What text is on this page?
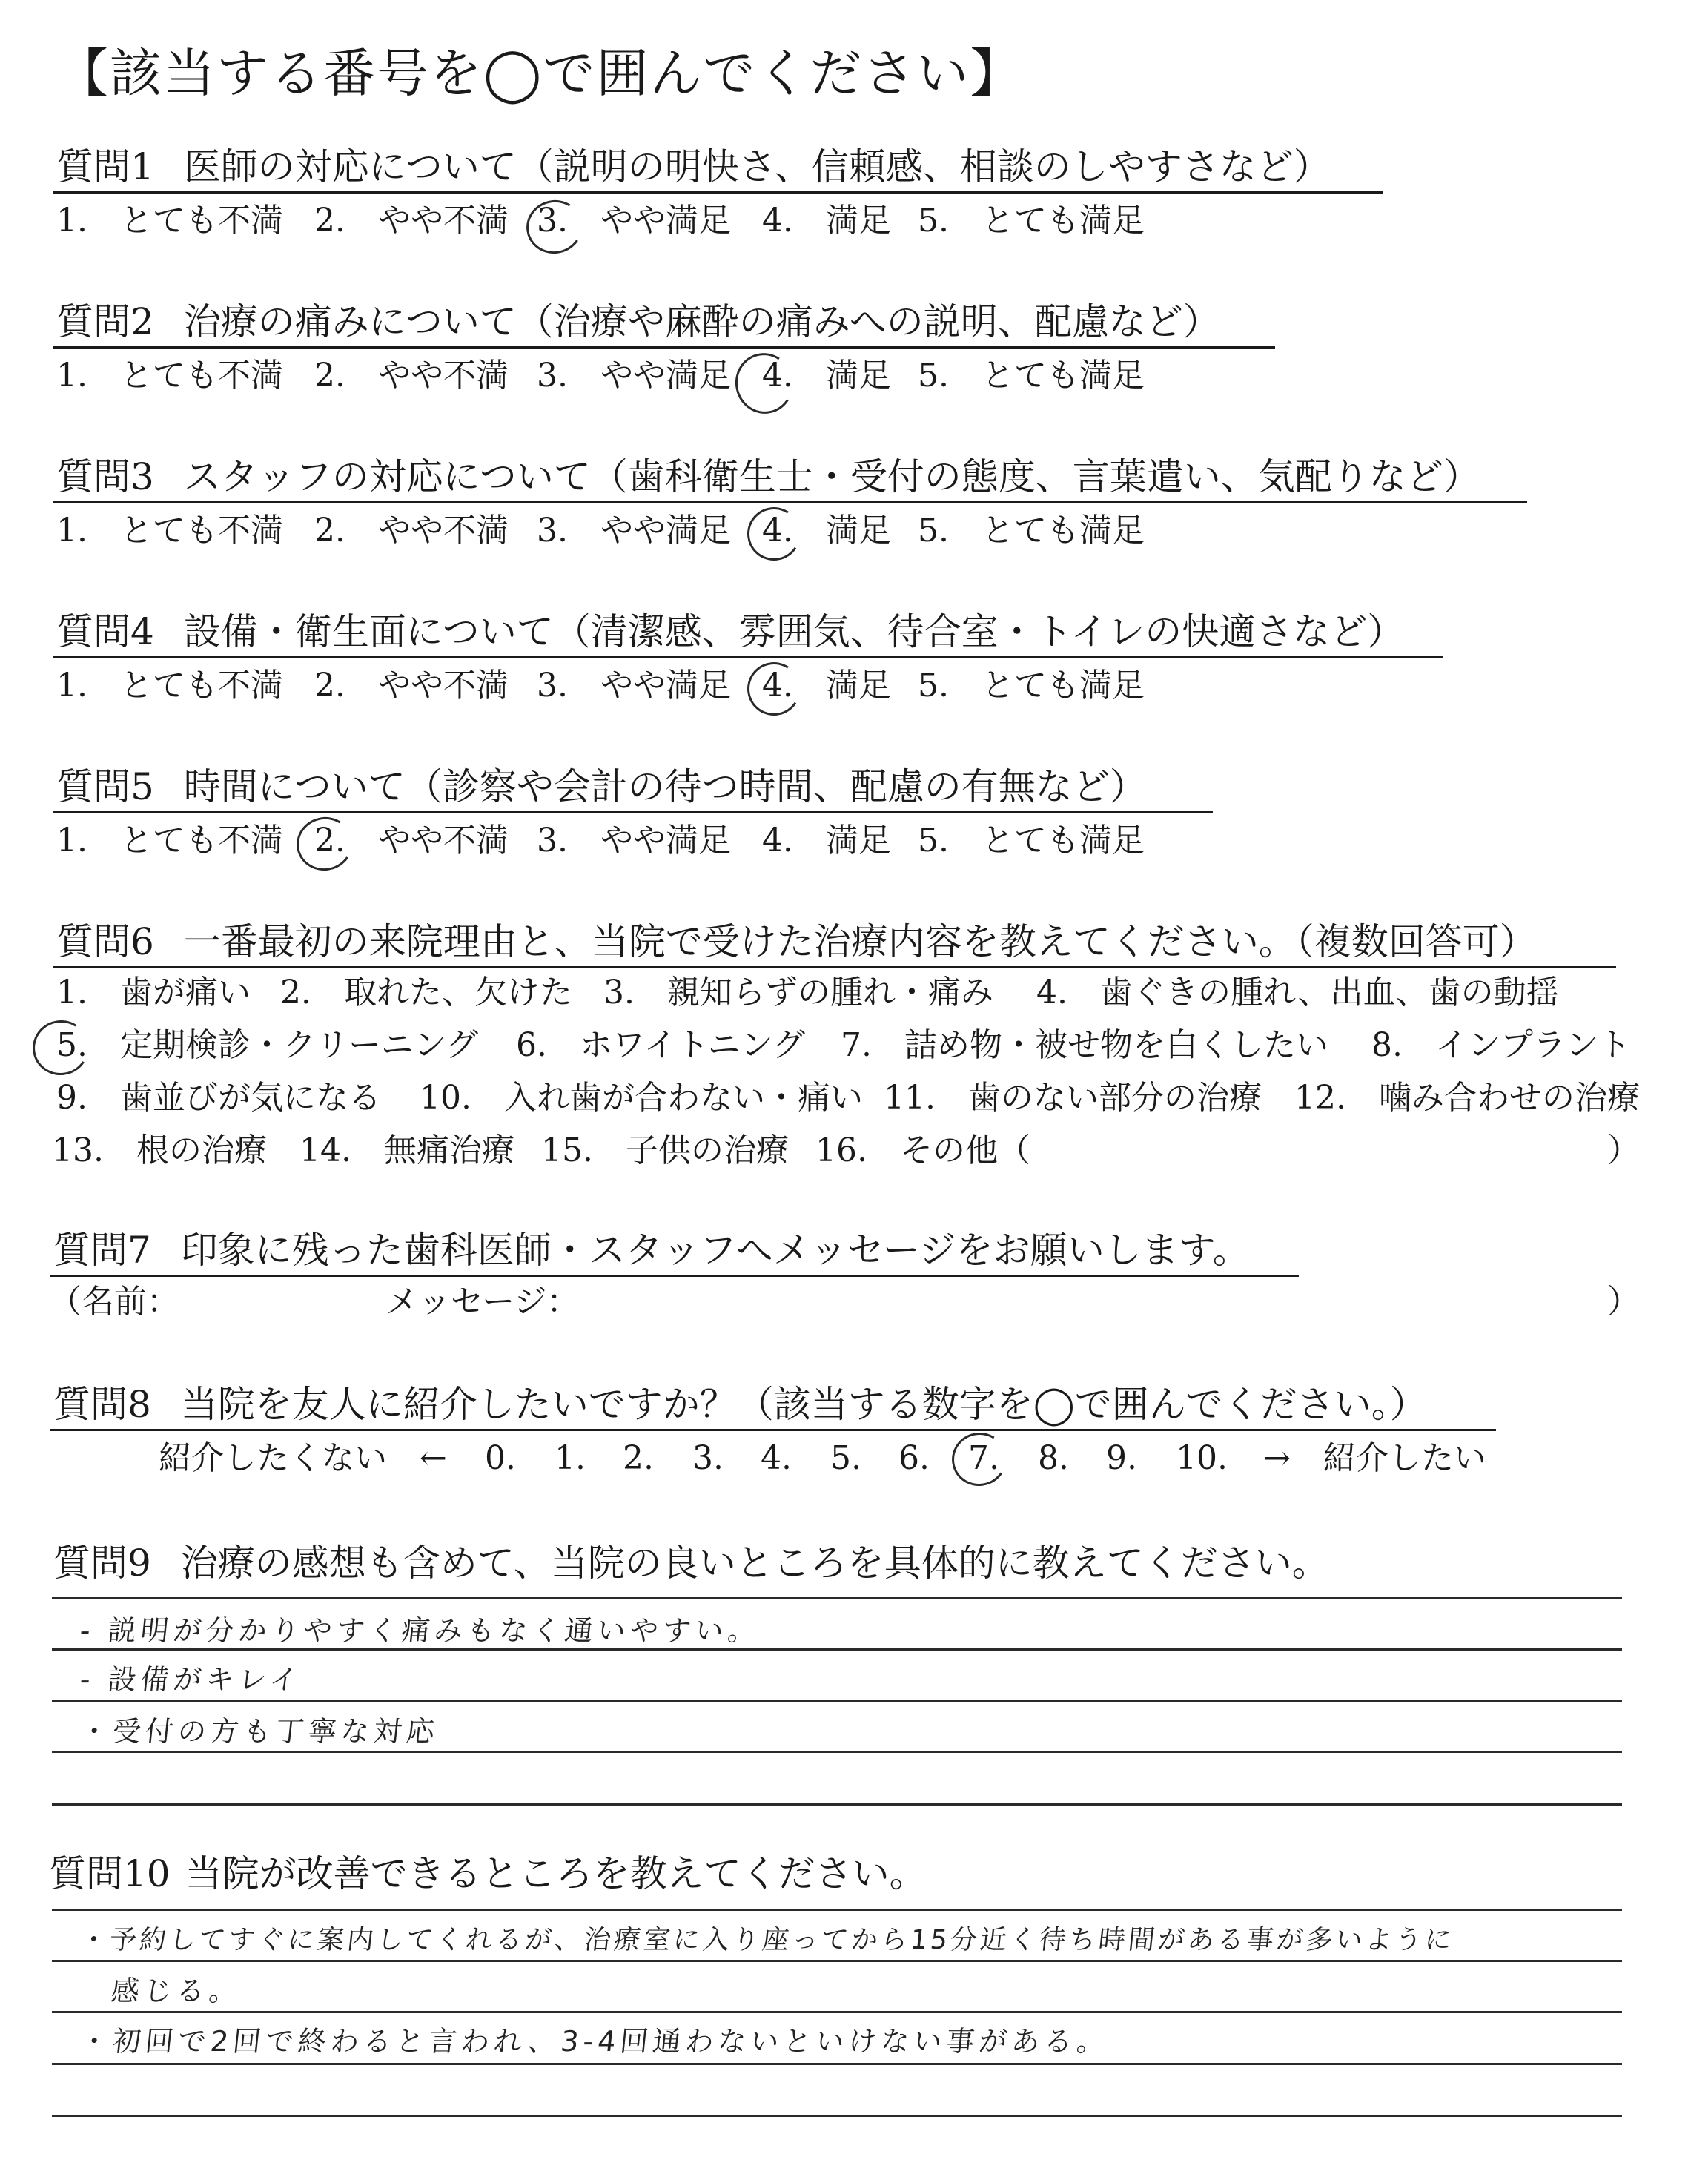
【該当する番号を◯で囲んでください】
質問1 医師の対応について（説明の明快さ、信頼感、相談のしやすさなど）
1.　とても不満 2.　やや不満 3.　やや満足 4.　満足 5.　とても満足
質問2 治療の痛みについて（治療や麻酔の痛みへの説明、配慮など）
1.　とても不満 2.　やや不満 3.　やや満足 4.　満足 5.　とても満足
質問3 スタッフの対応について（歯科衛生士・受付の態度、言葉遣い、気配りなど）
1.　とても不満 2.　やや不満 3.　やや満足 4.　満足 5.　とても満足
質問4 設備・衛生面について（清潔感、雰囲気、待合室・トイレの快適さなど）
1.　とても不満 2.　やや不満 3.　やや満足 4.　満足 5.　とても満足
質問5 時間について（診察や会計の待つ時間、配慮の有無など）
1.　とても不満 2.　やや不満 3.　やや満足 4.　満足 5.　とても満足
質問6 一番最初の来院理由と、当院で受けた治療内容を教えてください。（複数回答可）
1.　歯が痛い 2.　取れた、欠けた 3.　親知らずの腫れ・痛み 4.　歯ぐきの腫れ、出血、歯の動揺
5.　定期検診・クリーニング 6.　ホワイトニング 7.　詰め物・被せ物を白くしたい 8.　インプラント
9.　歯並びが気になる 10.　入れ歯が合わない・痛い 11.　歯のない部分の治療 12.　噛み合わせの治療
13.　根の治療 14.　無痛治療 15.　子供の治療 16.　その他（	）
質問7 印象に残った歯科医師・スタッフへメッセージをお願いします。
（名前：	メッセージ：	）
質問8 当院を友人に紹介したいですか？（該当する数字を◯で囲んでください。）
紹介したくない　← 0. 1. 2. 3. 4. 5. 6. 7. 8. 9. 10. →　紹介したい
質問9 治療の感想も含めて、当院の良いところを具体的に教えてください。
- 説明が分かりやすく痛みもなく通いやすい。
- 設備がキレイ
・受付の方も丁寧な対応
質問10 当院が改善できるところを教えてください。
・予約してすぐに案内してくれるが、治療室に入り座ってから15分近く待ち時間がある事が多いように
感じる。
・初回で2回で終わると言われ、3-4回通わないといけない事がある。
